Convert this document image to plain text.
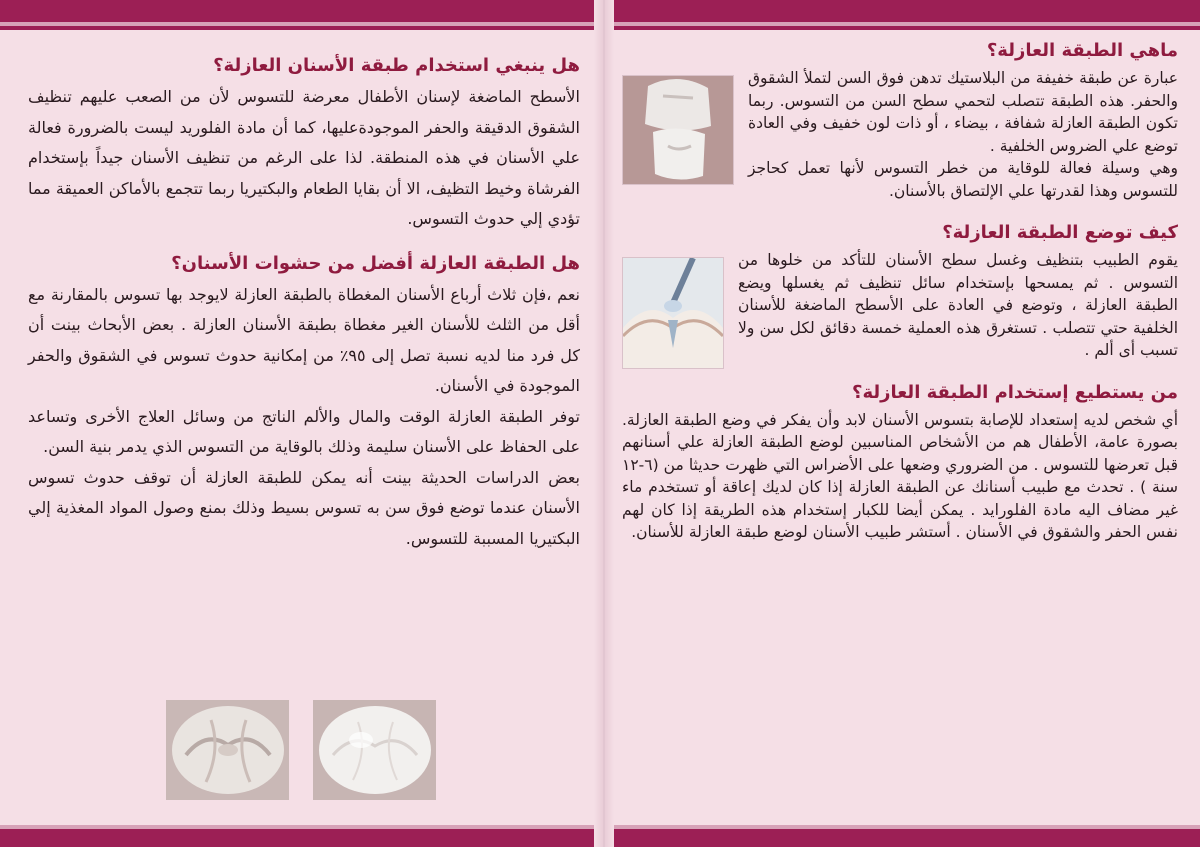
هل ينبغي استخدام طبقة الأسنان العازلة؟

الأسطح الماضغة لإسنان الأطفال معرضة للتسوس لأن من الصعب عليهم تنظيف الشقوق الدقيقة والحفر الموجودةعليها، كما أن مادة الفلوريد ليست بالضرورة فعالة علي الأسنان في هذه المنطقة. لذا على الرغم من تنظيف الأسنان جيداً بإستخدام الفرشاة وخيط التظيف، الا أن بقايا الطعام والبكتيريا ربما تتجمع بالأماكن العميقة مما تؤدي إلي حدوث التسوس.

هل الطبقة العازلة أفضل من حشوات الأسنان؟

نعم ،فإن ثلاث أرباع الأسنان المغطاة بالطبقة العازلة لايوجد بها تسوس بالمقارنة مع أقل من الثلث للأسنان الغير مغطاة بطبقة الأسنان العازلة . بعض الأبحاث بينت أن كل فرد منا لديه نسبة تصل إلى ٩٥٪ من إمكانية حدوث تسوس في الشقوق والحفر الموجودة في الأسنان.

توفر الطبقة العازلة الوقت والمال والألم الناتج من وسائل العلاج الأخرى وتساعد على الحفاظ على الأسنان سليمة وذلك بالوقاية من التسوس الذي يدمر بنية السن.

بعض الدراسات الحديثة بينت أنه يمكن للطبقة العازلة أن توقف حدوث تسوس الأسنان عندما توضع فوق سن به تسوس بسيط وذلك بمنع وصول المواد المغذية إلي البكتيريا المسببة للتسوس.

ماهي الطبقة العازلة؟

عبارة عن طبقة خفيفة من البلاستيك تدهن فوق السن لتملأ الشقوق والحفر. هذه الطبقة تتصلب لتحمي سطح السن من التسوس. ربما تكون الطبقة العازلة شفافة ، بيضاء ، أو ذات لون خفيف وفي العادة توضع علي الضروس الخلفية .

وهي وسيلة فعالة للوقاية من خطر التسوس لأنها تعمل كحاجز للتسوس وهذا لقدرتها علي الإلتصاق بالأسنان.

كيف توضع الطبقة العازلة؟

يقوم الطبيب بتنظيف وغسل سطح الأسنان للتأكد من خلوها من التسوس . ثم يمسحها بإستخدام سائل تنظيف ثم يغسلها ويضع الطبقة العازلة ، وتوضع في العادة على الأسطح الماضغة للأسنان الخلفية حتي تتصلب . تستغرق هذه العملية خمسة دقائق لكل سن ولا تسبب أى ألم .

من يستطيع إستخدام الطبقة العازلة؟

أي شخص لديه إستعداد للإصابة بتسوس الأسنان لابد وأن يفكر في وضع الطبقة العازلة. بصورة عامة، الأطفال هم من الأشخاص المناسبين لوضع الطبقة العازلة علي أسنانهم قبل تعرضها للتسوس . من الضروري وضعها على الأضراس التي ظهرت حديثا من (٦-١٢ سنة ) . تحدث مع طبيب أسنانك عن الطبقة العازلة إذا كان لديك إعاقة أو تستخدم ماء غير مضاف اليه مادة الفلورايد . يمكن أيضا للكبار إستخدام هذه الطريقة إذا كان لهم نفس الحفر والشقوق في الأسنان . أستشر طبيب الأسنان لوضع طبقة العازلة للأسنان.
